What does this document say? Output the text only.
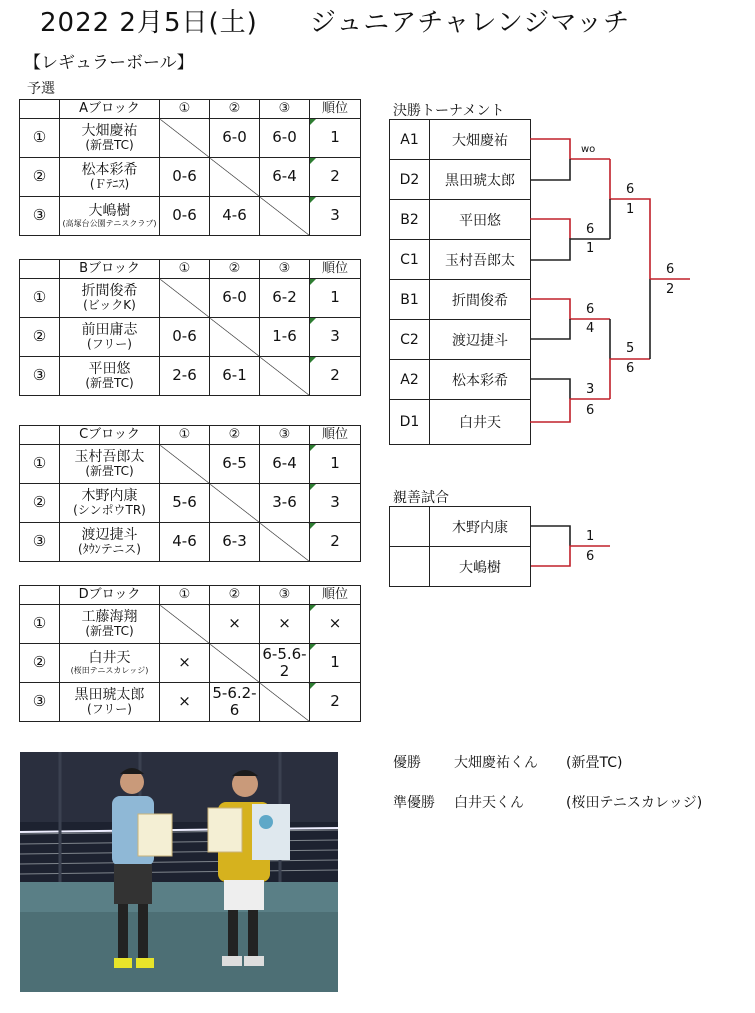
2022 2月5日(土) ジュニアチャレンジマッチ
【レギュラーボール】
予選
	Aブロック	①	②	③	順位
①	大畑慶祐
(新畳TC)		6-0	6-0	1
②	松本彩希
(Ｆﾃﾆｽ)	0-6		6-4	2
③	大嶋樹
(高塚台公園テニスクラブ)	0-6	4-6		3
	Bブロック	①	②	③	順位
①	折間俊希
(ビックK)		6-0	6-2	1
②	前田庸志
(フリー)	0-6		1-6	3
③	平田悠
(新畳TC)	2-6	6-1		2
	Cブロック	①	②	③	順位
①	玉村吾郎太
(新畳TC)		6-5	6-4	1
②	木野内康
(シンポウTR)	5-6		3-6	3
③	渡辺捷斗
(ﾀｳﾝテニス)	4-6	6-3		2
	Dブロック	①	②	③	順位
①	工藤海翔
(新畳TC)		×	×	×
②	白井天
(桜田テニスカレッジ)	×		6-5.6-2	1
③	黒田琥太郎
(フリー)	×	5-6.2-6		2
決勝トーナメント
A1	大畑慶祐
D2	黒田琥太郎
B2	平田悠
C1	玉村吾郎太
B1	折間俊希
C2	渡辺捷斗
A2	松本彩希
D1	白井天
wo
6
1
6
4
3
6
6
1
5
6
6
2
親善試合
	木野内康
	大嶋樹
1
6
優勝 大畑慶祐くん (新畳TC)
準優勝 白井天くん	(桜田テニスカレッジ)
